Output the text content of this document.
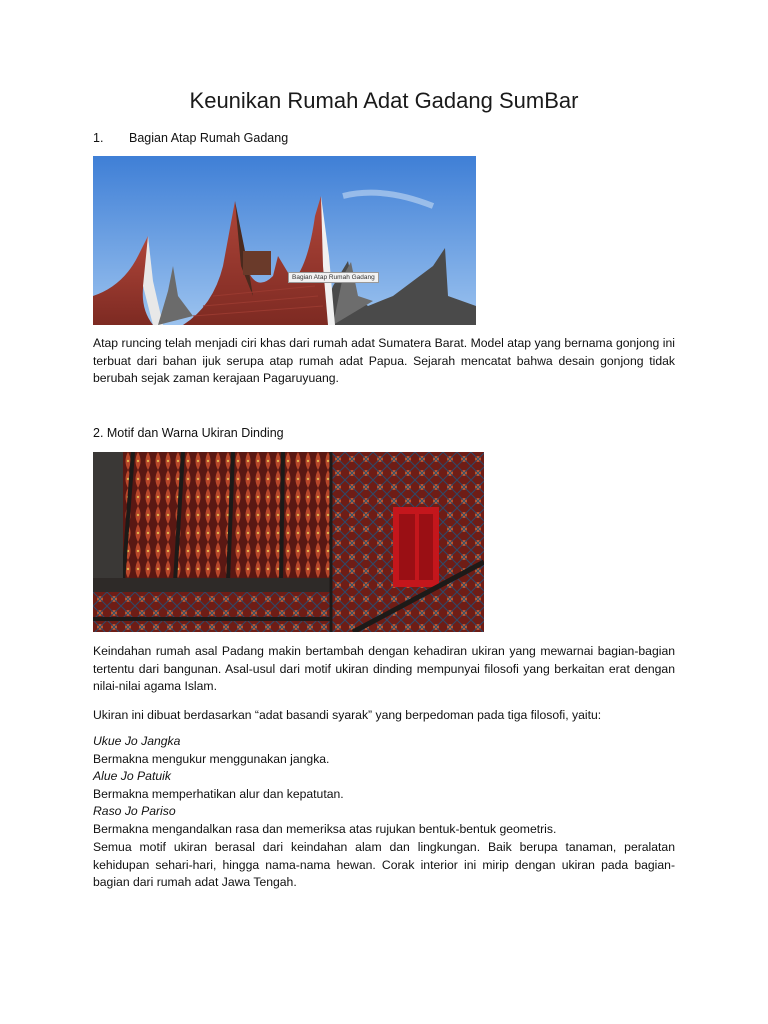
Keunikan Rumah Adat Gadang SumBar
1. Bagian Atap Rumah Gadang
Bagian Atap Rumah Gadang

Atap runcing telah menjadi ciri khas dari rumah adat Sumatera Barat. Model atap yang bernama gonjong ini terbuat dari bahan ijuk serupa atap rumah adat Papua. Sejarah mencatat bahwa desain gonjong tidak berubah sejak zaman kerajaan Pagaruyuang.

2. Motif dan Warna Ukiran Dinding

Keindahan rumah asal Padang makin bertambah dengan kehadiran ukiran yang mewarnai bagian-bagian tertentu dari bangunan. Asal-usul dari motif ukiran dinding mempunyai filosofi yang berkaitan erat dengan nilai-nilai agama Islam.

Ukiran ini dibuat berdasarkan “adat basandi syarak” yang berpedoman pada tiga filosofi, yaitu:

Ukue Jo Jangka
Bermakna mengukur menggunakan jangka.
Alue Jo Patuik
Bermakna memperhatikan alur dan kepatutan.
Raso Jo Pariso
Bermakna mengandalkan rasa dan memeriksa atas rujukan bentuk-bentuk geometris.

Semua motif ukiran berasal dari keindahan alam dan lingkungan. Baik berupa tanaman, peralatan kehidupan sehari-hari, hingga nama-nama hewan. Corak interior ini mirip dengan ukiran pada bagian-bagian dari rumah adat Jawa Tengah.
